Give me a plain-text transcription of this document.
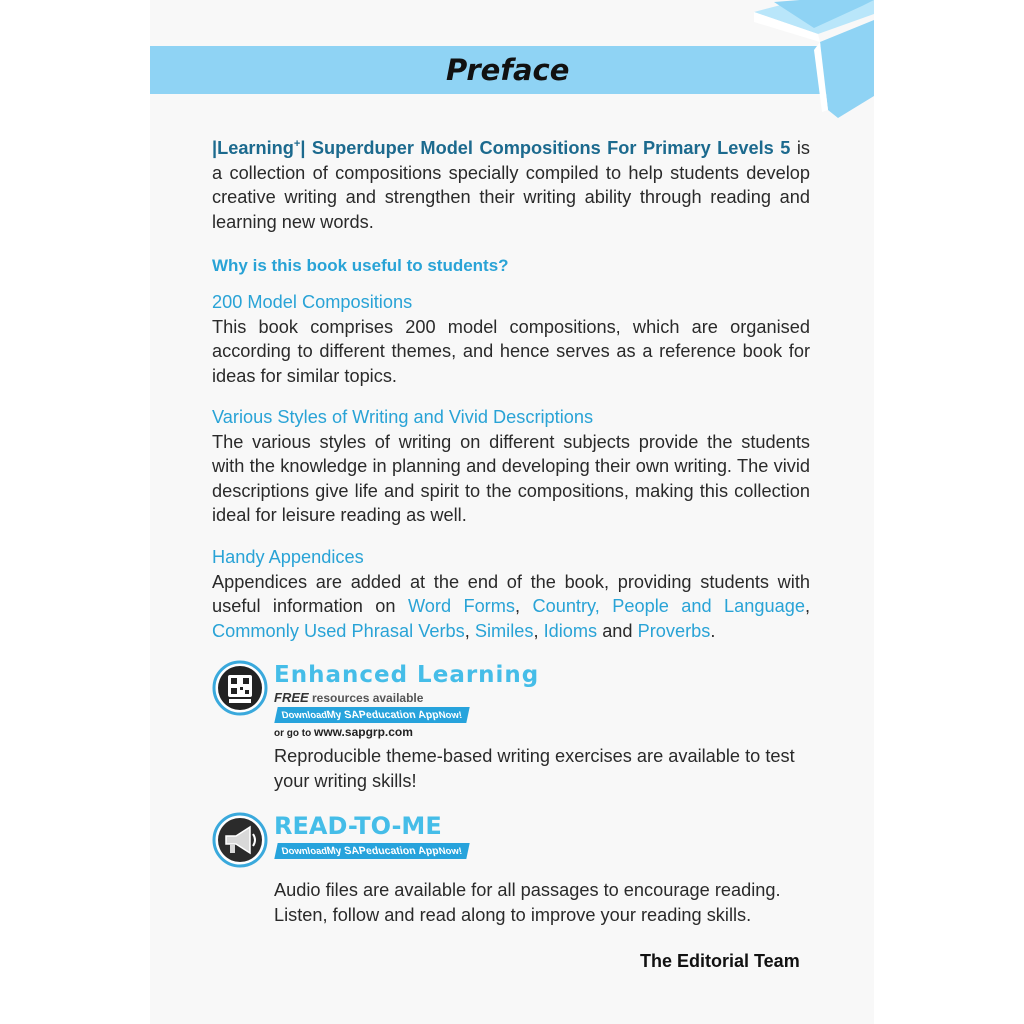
Preface
|Learning+| Superduper Model Compositions For Primary Levels 5 is a collection of compositions specially compiled to help students develop creative writing and strengthen their writing ability through reading and learning new words.
Why is this book useful to students?
200 Model Compositions
This book comprises 200 model compositions, which are organised according to different themes, and hence serves as a reference book for ideas for similar topics.
Various Styles of Writing and Vivid Descriptions
The various styles of writing on different subjects provide the students with the knowledge in planning and developing their own writing. The vivid descriptions give life and spirit to the compositions, making this collection ideal for leisure reading as well.
Handy Appendices
Appendices are added at the end of the book, providing students with useful information on Word Forms, Country, People and Language, Commonly Used Phrasal Verbs, Similes, Idioms and Proverbs.
Enhanced Learning
FREE resources available
DownloadMy SAPeducation AppNow!
or go to www.sapgrp.com
Reproducible theme-based writing exercises are available to test your writing skills!
READ-TO-ME
DownloadMy SAPeducation AppNow!
Audio files are available for all passages to encourage reading. Listen, follow and read along to improve your reading skills.
The Editorial Team
